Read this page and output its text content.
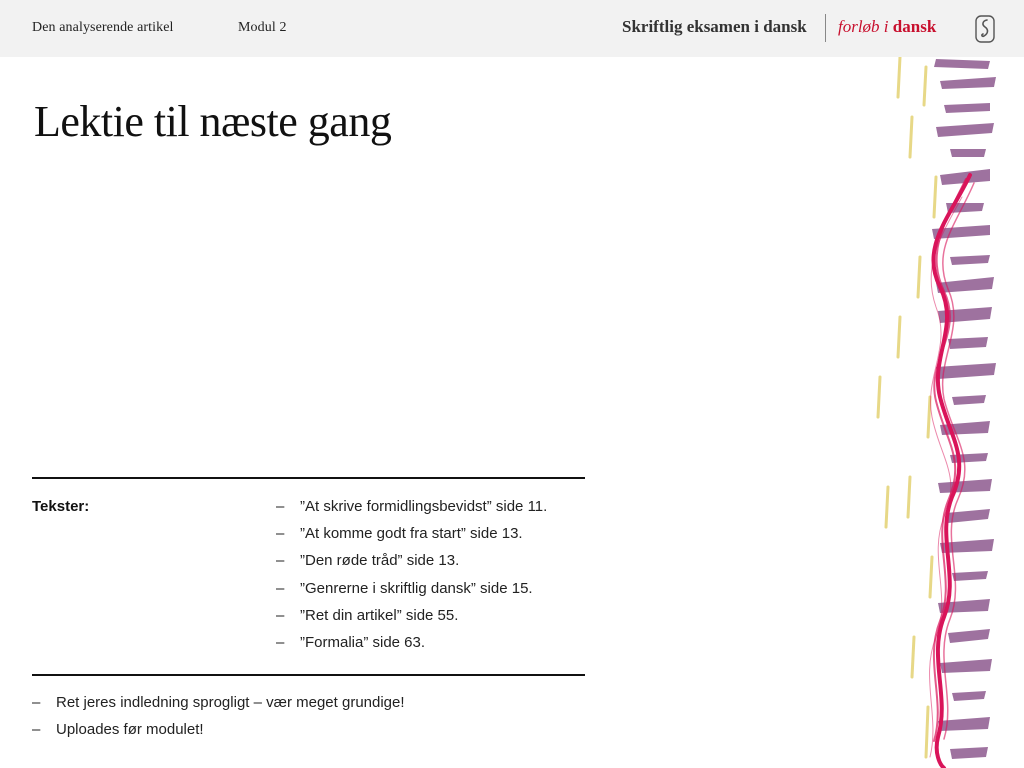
Den analyserende artikel	Modul 2	Skriftlig eksamen i dansk forløb i dansk
Lektie til næste gang
Tekster:	– ”At skrive formidlingsbevidst” side 11.
– ”At komme godt fra start” side 13.
– ”Den røde tråd” side 13.
– ”Genrerne i skriftlig dansk” side 15.
– ”Ret din artikel” side 55.
– ”Formalia” side 63.
– Ret jeres indledning sprogligt – vær meget grundige!
– Uploades før modulet!
